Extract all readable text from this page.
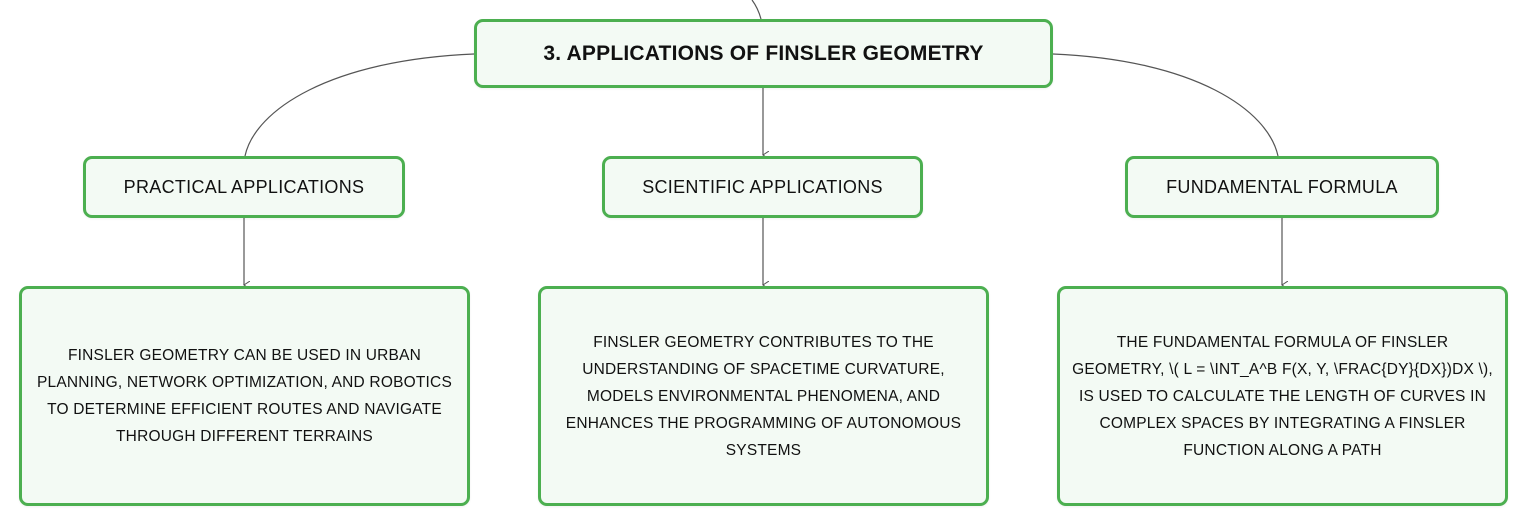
3. APPLICATIONS OF FINSLER GEOMETRY
PRACTICAL APPLICATIONS	SCIENTIFIC APPLICATIONS	FUNDAMENTAL FORMULA
FINSLER GEOMETRY CAN BE USED IN URBAN PLANNING, NETWORK OPTIMIZATION, AND ROBOTICS TO DETERMINE EFFICIENT ROUTES AND NAVIGATE THROUGH DIFFERENT TERRAINS
FINSLER GEOMETRY CONTRIBUTES TO THE UNDERSTANDING OF SPACETIME CURVATURE, MODELS ENVIRONMENTAL PHENOMENA, AND ENHANCES THE PROGRAMMING OF AUTONOMOUS SYSTEMS
THE FUNDAMENTAL FORMULA OF FINSLER GEOMETRY, \( L = \INT_A^B F(X, Y, \FRAC{DY}{DX})DX \), IS USED TO CALCULATE THE LENGTH OF CURVES IN COMPLEX SPACES BY INTEGRATING A FINSLER FUNCTION ALONG A PATH
